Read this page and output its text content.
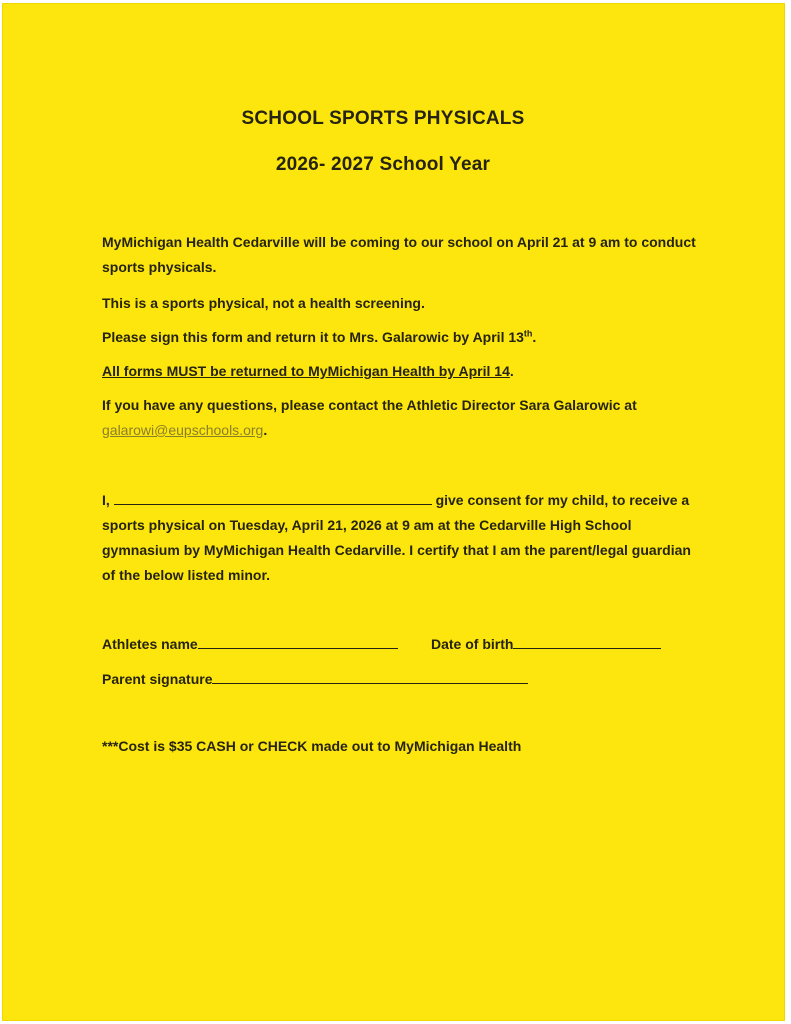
SCHOOL SPORTS PHYSICALS
2026- 2027 School Year
MyMichigan Health Cedarville will be coming to our school on April 21 at 9 am to conduct sports physicals.
This is a sports physical, not a health screening.
Please sign this form and return it to Mrs. Galarowic by April 13th.
All forms MUST be returned to MyMichigan Health by April 14.
If you have any questions, please contact the Athletic Director Sara Galarowic at galarowi@eupschools.org.
I,	give consent for my child, to receive a sports physical on Tuesday, April 21, 2026 at 9 am at the Cedarville High School gymnasium by MyMichigan Health Cedarville. I certify that I am the parent/legal guardian of the below listed minor.
Athletes name	Date of birth
Parent signature
***Cost is $35 CASH or CHECK made out to MyMichigan Health
